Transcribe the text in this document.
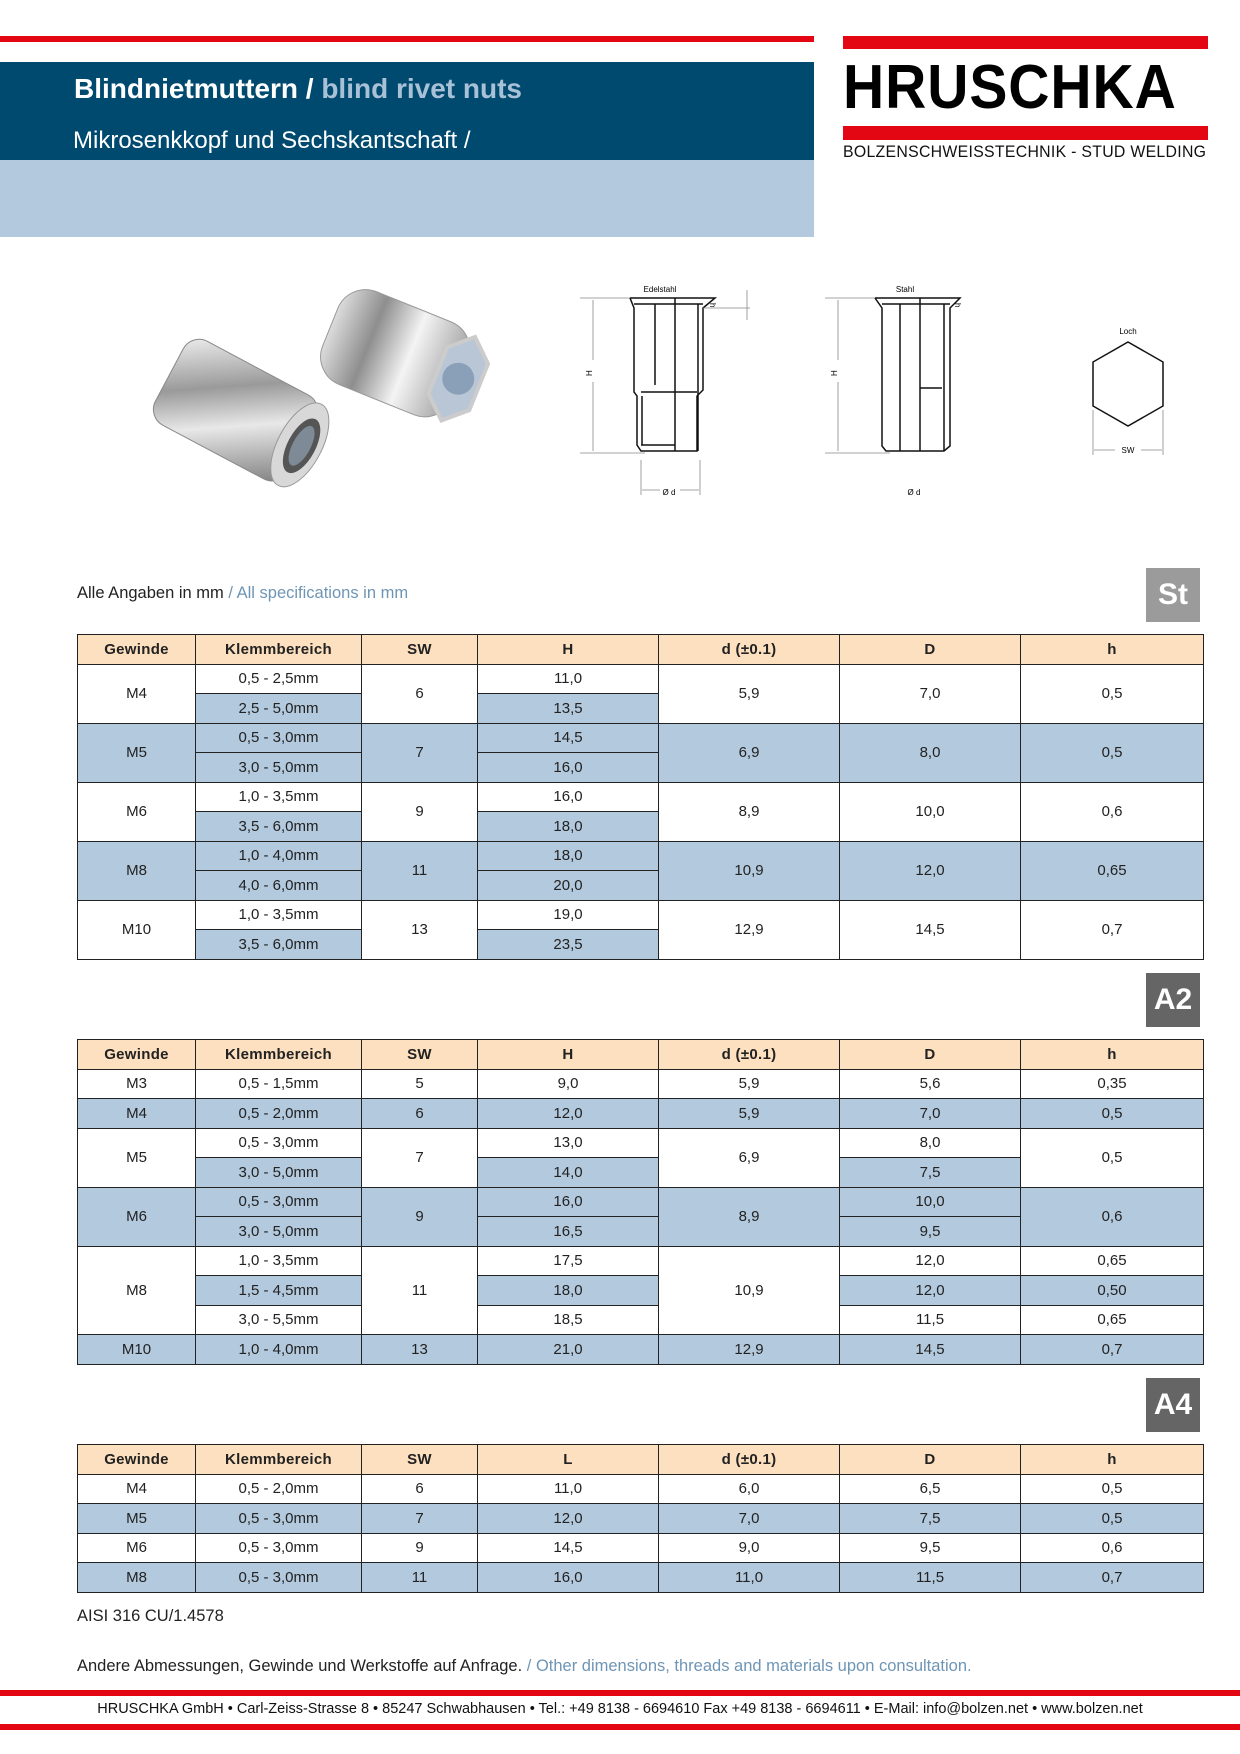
Blindnietmuttern / blind rivet nuts
Mikrosenkkopf und Sechskantschaft /
HRUSCHKA
BOLZENSCHWEISSTECHNIK - STUD WELDING
Edelstahl
H
h
Ø d
Stahl
H
h
Ø d
Loch
SW
Alle Angaben in mm / All specifications in mm	St
A2
A4
Gewinde	Klemmbereich	SW	H	d (±0.1)	D	h
M4	0,5 - 2,5mm	6	11,0	5,9	7,0	0,5
	2,5 - 5,0mm		13,5			
M5	0,5 - 3,0mm	7	14,5	6,9	8,0	0,5
	3,0 - 5,0mm		16,0			
M6	1,0 - 3,5mm	9	16,0	8,9	10,0	0,6
	3,5 - 6,0mm		18,0			
M8	1,0 - 4,0mm	11	18,0	10,9	12,0	0,65
	4,0 - 6,0mm		20,0			
M10	1,0 - 3,5mm	13	19,0	12,9	14,5	0,7
	3,5 - 6,0mm		23,5			
Gewinde	Klemmbereich	SW	H	d (±0.1)	D	h
M3	0,5 - 1,5mm	5	9,0	5,9	5,6	0,35
M4	0,5 - 2,0mm	6	12,0	5,9	7,0	0,5
M5	0,5 - 3,0mm	7	13,0	6,9	8,0	0,5
	3,0 - 5,0mm		14,0		7,5	
M6	0,5 - 3,0mm	9	16,0	8,9	10,0	0,6
	3,0 - 5,0mm		16,5		9,5	
M8	1,0 - 3,5mm	11	17,5	10,9	12,0	0,65
	1,5 - 4,5mm		18,0		12,0	0,50
	3,0 - 5,5mm		18,5		11,5	0,65
M10	1,0 - 4,0mm	13	21,0	12,9	14,5	0,7
Gewinde	Klemmbereich	SW	L	d (±0.1)	D	h
M4	0,5 - 2,0mm	6	11,0	6,0	6,5	0,5
M5	0,5 - 3,0mm	7	12,0	7,0	7,5	0,5
M6	0,5 - 3,0mm	9	14,5	9,0	9,5	0,6
M8	0,5 - 3,0mm	11	16,0	11,0	11,5	0,7
AISI 316 CU/1.4578
Andere Abmessungen, Gewinde und Werkstoffe auf Anfrage. / Other dimensions, threads and materials upon consultation.
HRUSCHKA GmbH • Carl-Zeiss-Strasse 8 • 85247 Schwabhausen • Tel.: +49 8138 - 6694610 Fax +49 8138 - 6694611 • E-Mail: info@bolzen.net • www.bolzen.net
